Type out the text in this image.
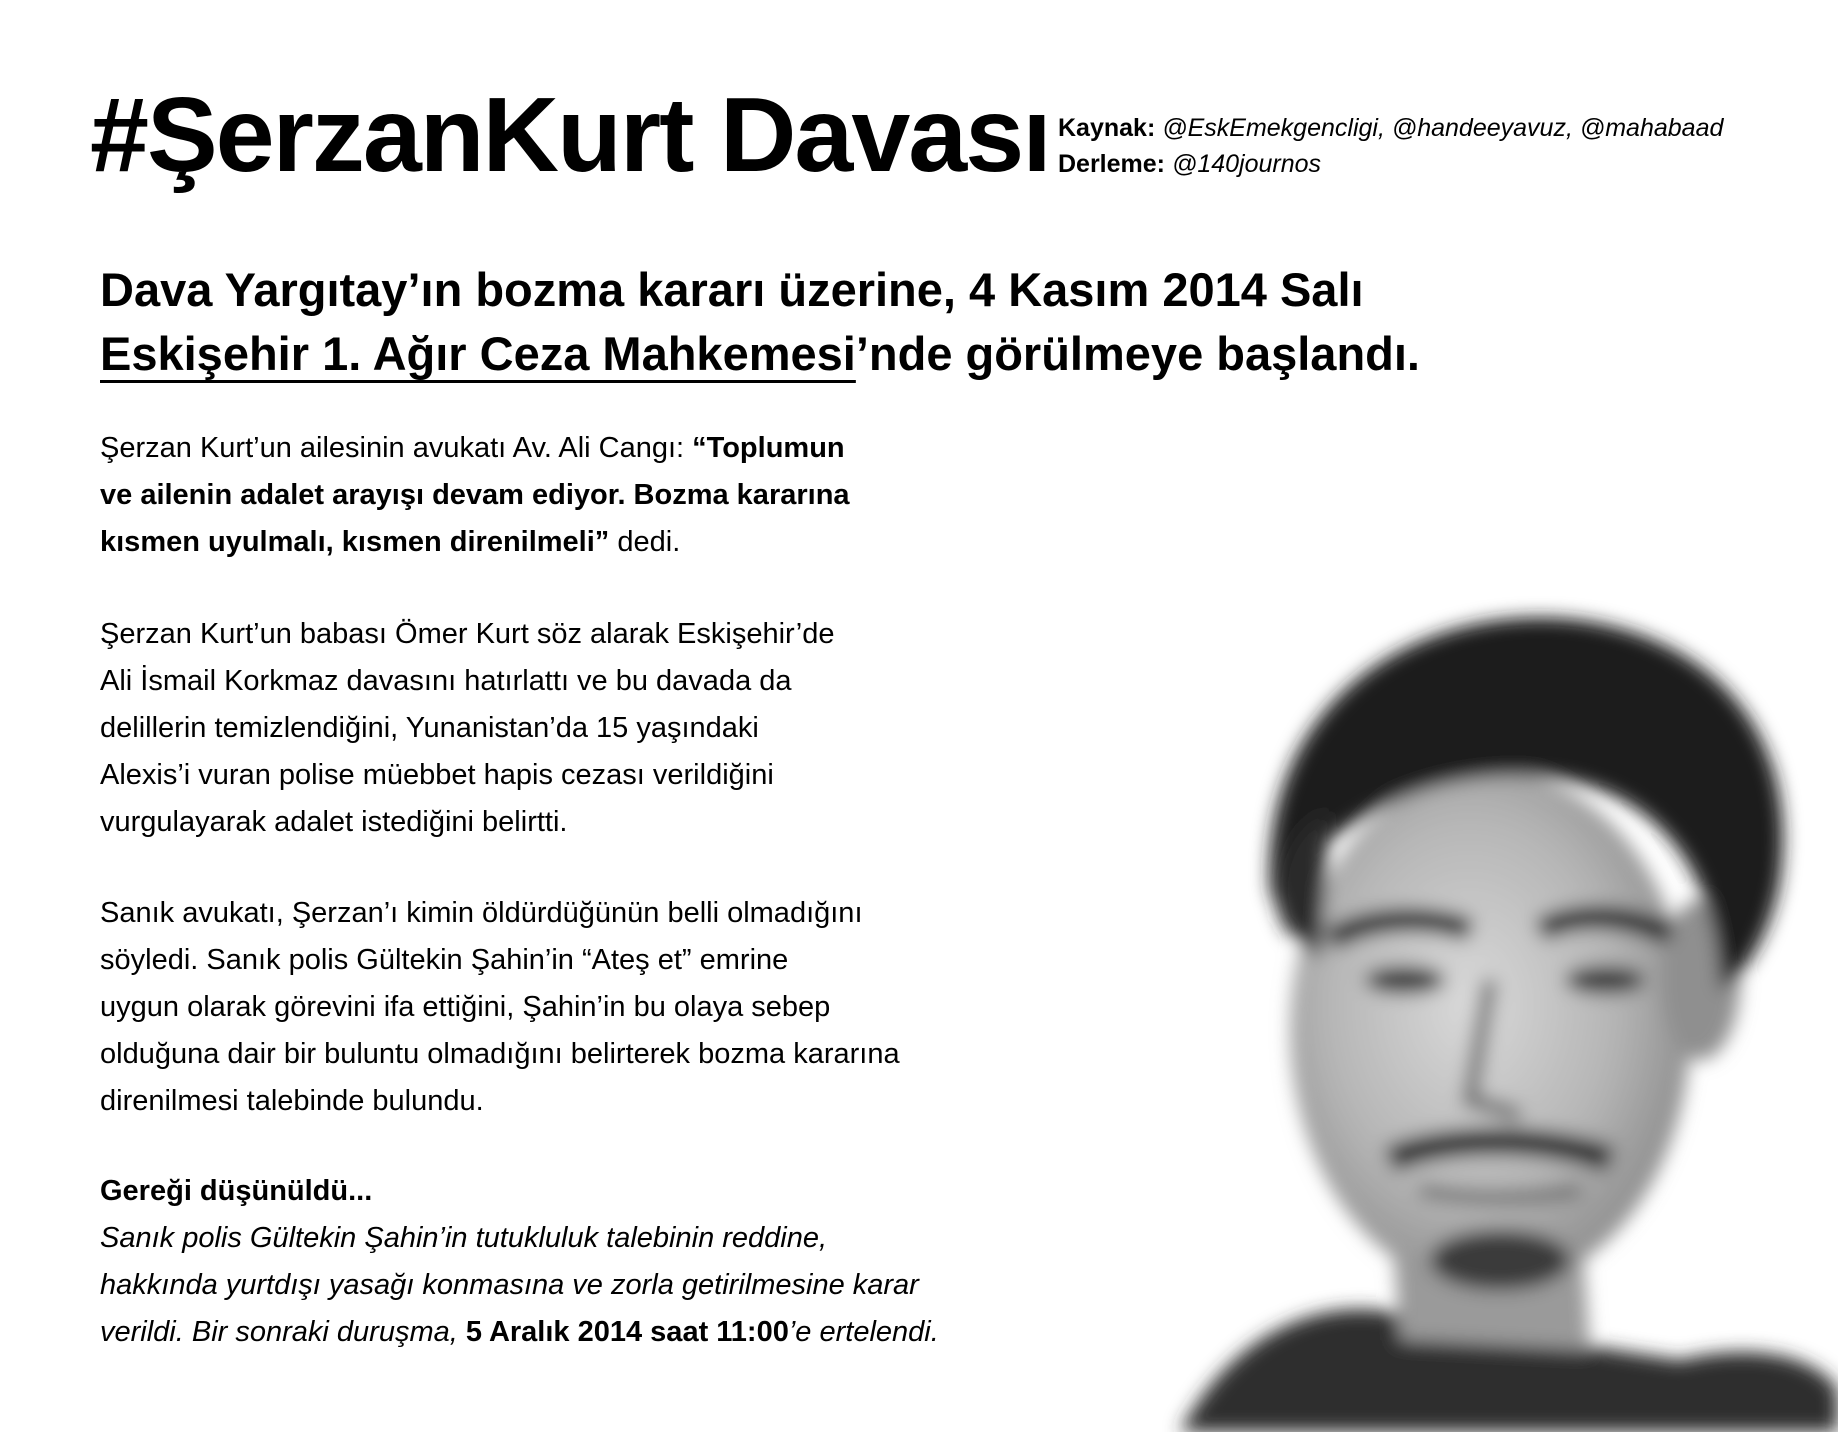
#ŞerzanKurt Davası Kaynak: @EskEmekgencligi, @handeeyavuz, @mahabaad
Derleme: @140journos
Dava Yargıtay’ın bozma kararı üzerine, 4 Kasım 2014 Salı
Eskişehir 1. Ağır Ceza Mahkemesi’nde görülmeye başlandı.
Şerzan Kurt’un ailesinin avukatı Av. Ali Cangı: “Toplumun
ve ailenin adalet arayışı devam ediyor. Bozma kararına
kısmen uyulmalı, kısmen direnilmeli” dedi.
Şerzan Kurt’un babası Ömer Kurt söz alarak Eskişehir’de
Ali İsmail Korkmaz davasını hatırlattı ve bu davada da
delillerin temizlendiğini, Yunanistan’da 15 yaşındaki
Alexis’i vuran polise müebbet hapis cezası verildiğini
vurgulayarak adalet istediğini belirtti.
Sanık avukatı, Şerzan’ı kimin öldürdüğünün belli olmadığını
söyledi. Sanık polis Gültekin Şahin’in “Ateş et” emrine
uygun olarak görevini ifa ettiğini, Şahin’in bu olaya sebep
olduğuna dair bir buluntu olmadığını belirterek bozma kararına
direnilmesi talebinde bulundu.
Gereği düşünüldü...
Sanık polis Gültekin Şahin’in tutukluluk talebinin reddine,
hakkında yurtdışı yasağı konmasına ve zorla getirilmesine karar
verildi. Bir sonraki duruşma, 5 Aralık 2014 saat 11:00’e ertelendi.
